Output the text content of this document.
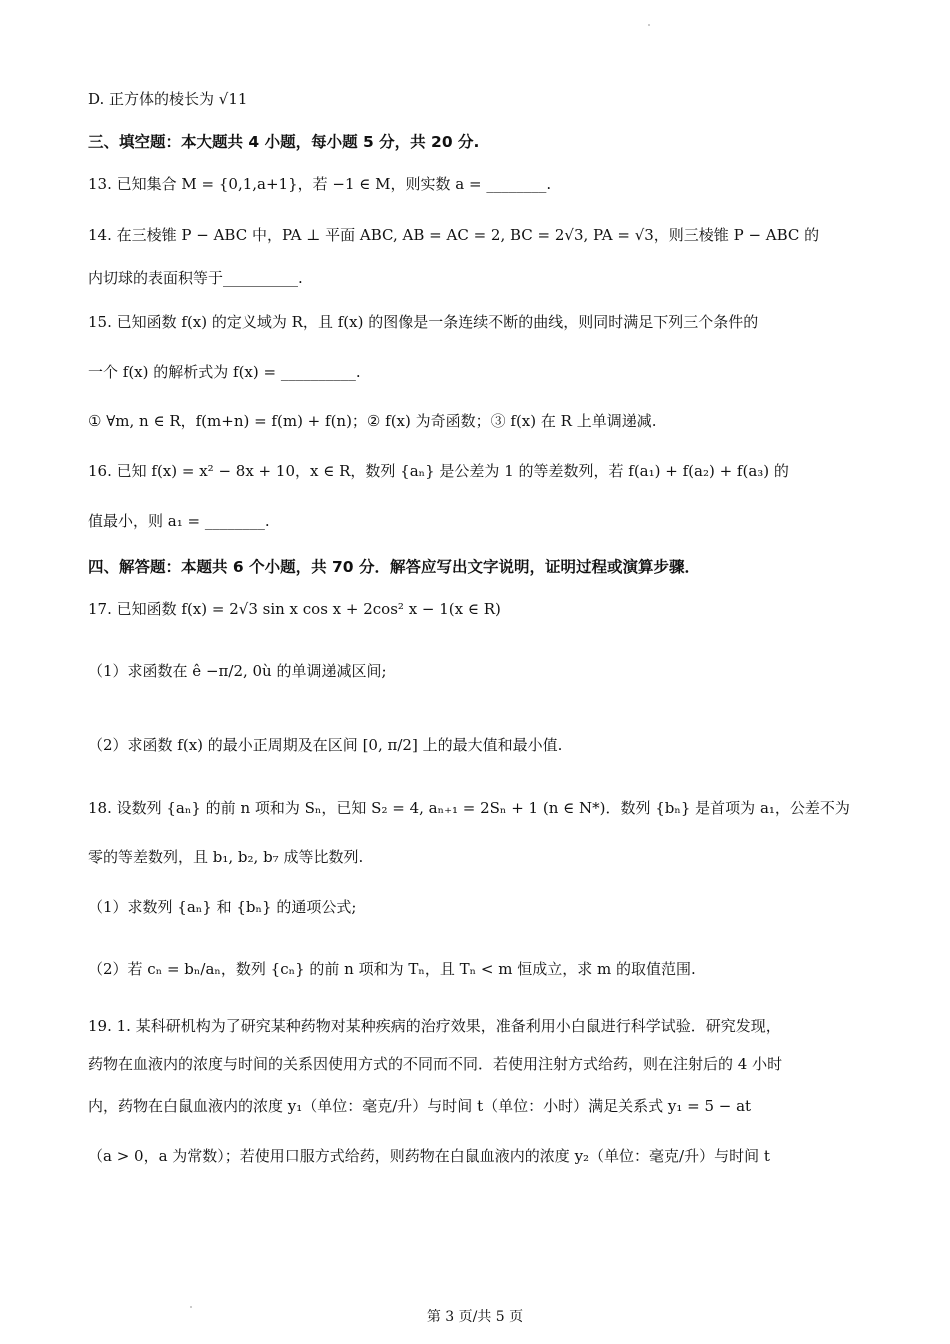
D. 正方体的棱长为 √11
三、填空题：本大题共 4 小题，每小题 5 分，共 20 分.
13. 已知集合 M = {0,1,a+1}，若 −1 ∈ M，则实数 a = ________.
14. 在三棱锥 P − ABC 中，PA ⊥ 平面 ABC, AB = AC = 2, BC = 2√3, PA = √3，则三棱锥 P − ABC 的
内切球的表面积等于__________.
15. 已知函数 f(x) 的定义域为 R，且 f(x) 的图像是一条连续不断的曲线，则同时满足下列三个条件的
一个 f(x) 的解析式为 f(x) = __________.
① ∀m, n ∈ R，f(m+n) = f(m) + f(n)；② f(x) 为奇函数；③ f(x) 在 R 上单调递减.
16. 已知 f(x) = x² − 8x + 10，x ∈ R，数列 {aₙ} 是公差为 1 的等差数列，若 f(a₁) + f(a₂) + f(a₃) 的
值最小，则 a₁ = ________.
四、解答题：本题共 6 个小题，共 70 分．解答应写出文字说明，证明过程或演算步骤．
17. 已知函数 f(x) = 2√3 sin x cos x + 2cos² x − 1(x ∈ R)
（1）求函数在 ê −π/2, 0ù 的单调递减区间;
（2）求函数 f(x) 的最小正周期及在区间 [0, π/2] 上的最大值和最小值.
18. 设数列 {aₙ} 的前 n 项和为 Sₙ，已知 S₂ = 4, aₙ₊₁ = 2Sₙ + 1 (n ∈ N*)．数列 {bₙ} 是首项为 a₁，公差不为
零的等差数列，且 b₁, b₂, b₇ 成等比数列.
（1）求数列 {aₙ} 和 {bₙ} 的通项公式;
（2）若 cₙ = bₙ/aₙ，数列 {cₙ} 的前 n 项和为 Tₙ，且 Tₙ < m 恒成立，求 m 的取值范围.
19. 1. 某科研机构为了研究某种药物对某种疾病的治疗效果，准备利用小白鼠进行科学试验．研究发现，
药物在血液内的浓度与时间的关系因使用方式的不同而不同．若使用注射方式给药，则在注射后的 4 小时
内，药物在白鼠血液内的浓度 y₁（单位：毫克/升）与时间 t（单位：小时）满足关系式 y₁ = 5 − at
（a > 0，a 为常数）；若使用口服方式给药，则药物在白鼠血液内的浓度 y₂（单位：毫克/升）与时间 t
第 3 页/共 5 页
